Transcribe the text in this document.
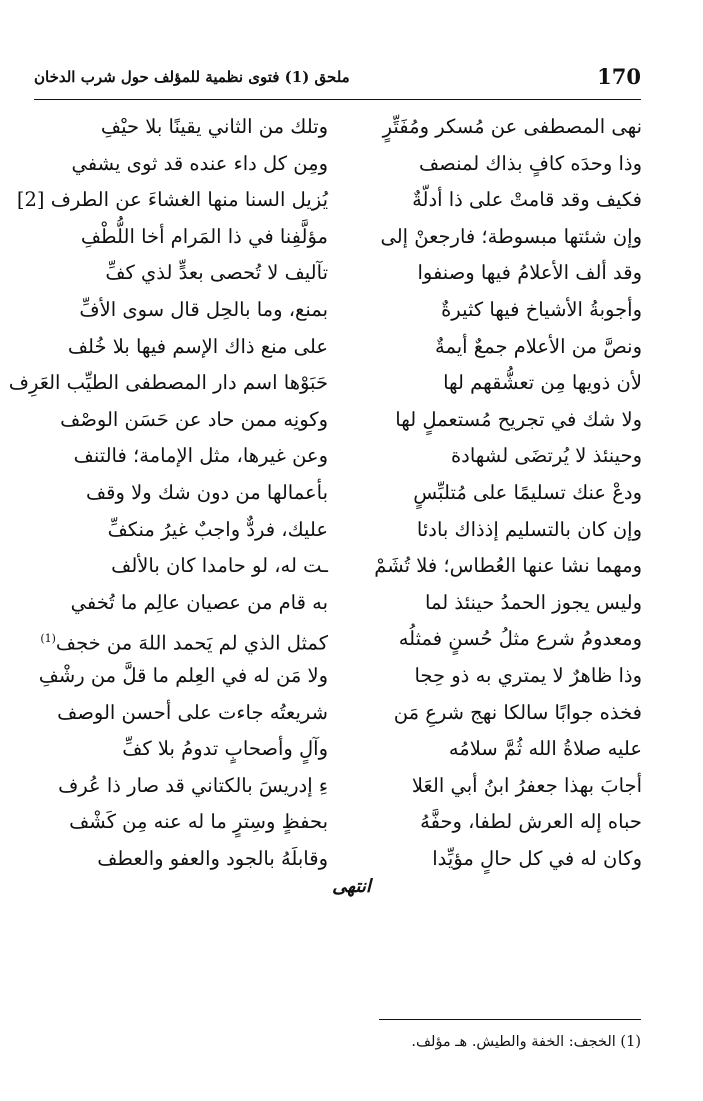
ملحق (1) فتوى نظمية للمؤلف حول شرب الدخان	170
نهى المصطفى عن مُسكر ومُفَتِّرٍ
وتلك من الثاني يقينًا بلا حيْفِ
وذا وحدَه كافٍ بذاك لمنصف
ومِن كل داء عنده قد ثوى يشفي
فكيف وقد قامتْ على ذا أدلّةٌ
يُزيل السنا منها الغشاءَ عن الطرف [2]
وإن شئتها مبسوطة؛ فارجعنْ إلى
مؤلَّفِنا في ذا المَرام أخا اللُّطْفِ
وقد ألف الأعلامُ فيها وصنفوا
تآليف لا تُحصى بعدٍّ لذي كفِّ
وأجوبةُ الأشياخ فيها كثيرةٌ
بمنع، وما بالحِل قال سوى الأفِّ
ونصَّ من الأعلام جمعٌ أيمةٌ
على منع ذاك الإسم فيها بلا خُلف
لأن ذويها مِن تعشُّقهم لها
حَبَوْها اسم دار المصطفى الطيِّب العَرِف
ولا شك في تجريح مُستعملٍ لها
وكونِه ممن حاد عن حَسَن الوصْف
وحينئذ لا يُرتضَى لشهادة
وعن غيرها، مثل الإمامة؛ فالتنف
ودعْ عنك تسليمًا على مُتلبِّسٍ
بأعمالها من دون شك ولا وقف
وإن كان بالتسليم إذذاك بادئا
عليك، فردٌّ واجبٌ غيرُ منكفِّ
ومهما نشا عنها العُطاس؛ فلا تُشَمْ
ـت له، لو حامدا كان بالألف
وليس يجوز الحمدُ حينئذ لما
به قام من عصيان عالِم ما تُخفي
ومعدومُ شرع مثلُ حُسنٍ فمثلُه
كمثل الذي لم يَحمد اللهَ من خجف$^{(1)}$
وذا ظاهرٌ لا يمتري به ذو حِجا
ولا مَن له في العِلم ما قلَّ من رشْفِ
فخذه جوابًا سالكا نهج شرعِ مَن
شريعتُه جاءت على أحسن الوصف
عليه صلاةُ الله ثُمَّ سلامُه
وآلٍ وأصحابٍ تدومُ بلا كفِّ
أجابَ بهذا جعفرُ ابنُ أبي العَلا
ءِ إدريسَ بالكتاني قد صار ذا عُرف
حباه إله العرش لطفا، وحفَّهُ
بحفظٍ وسِترٍ ما له عنه مِن كَشْف
وكان له في كل حالٍ مؤيِّدا
وقابلَهُ بالجود والعفو والعطف
انتهى
(1) الخجف: الخفة والطيش. هـ مؤلف.
